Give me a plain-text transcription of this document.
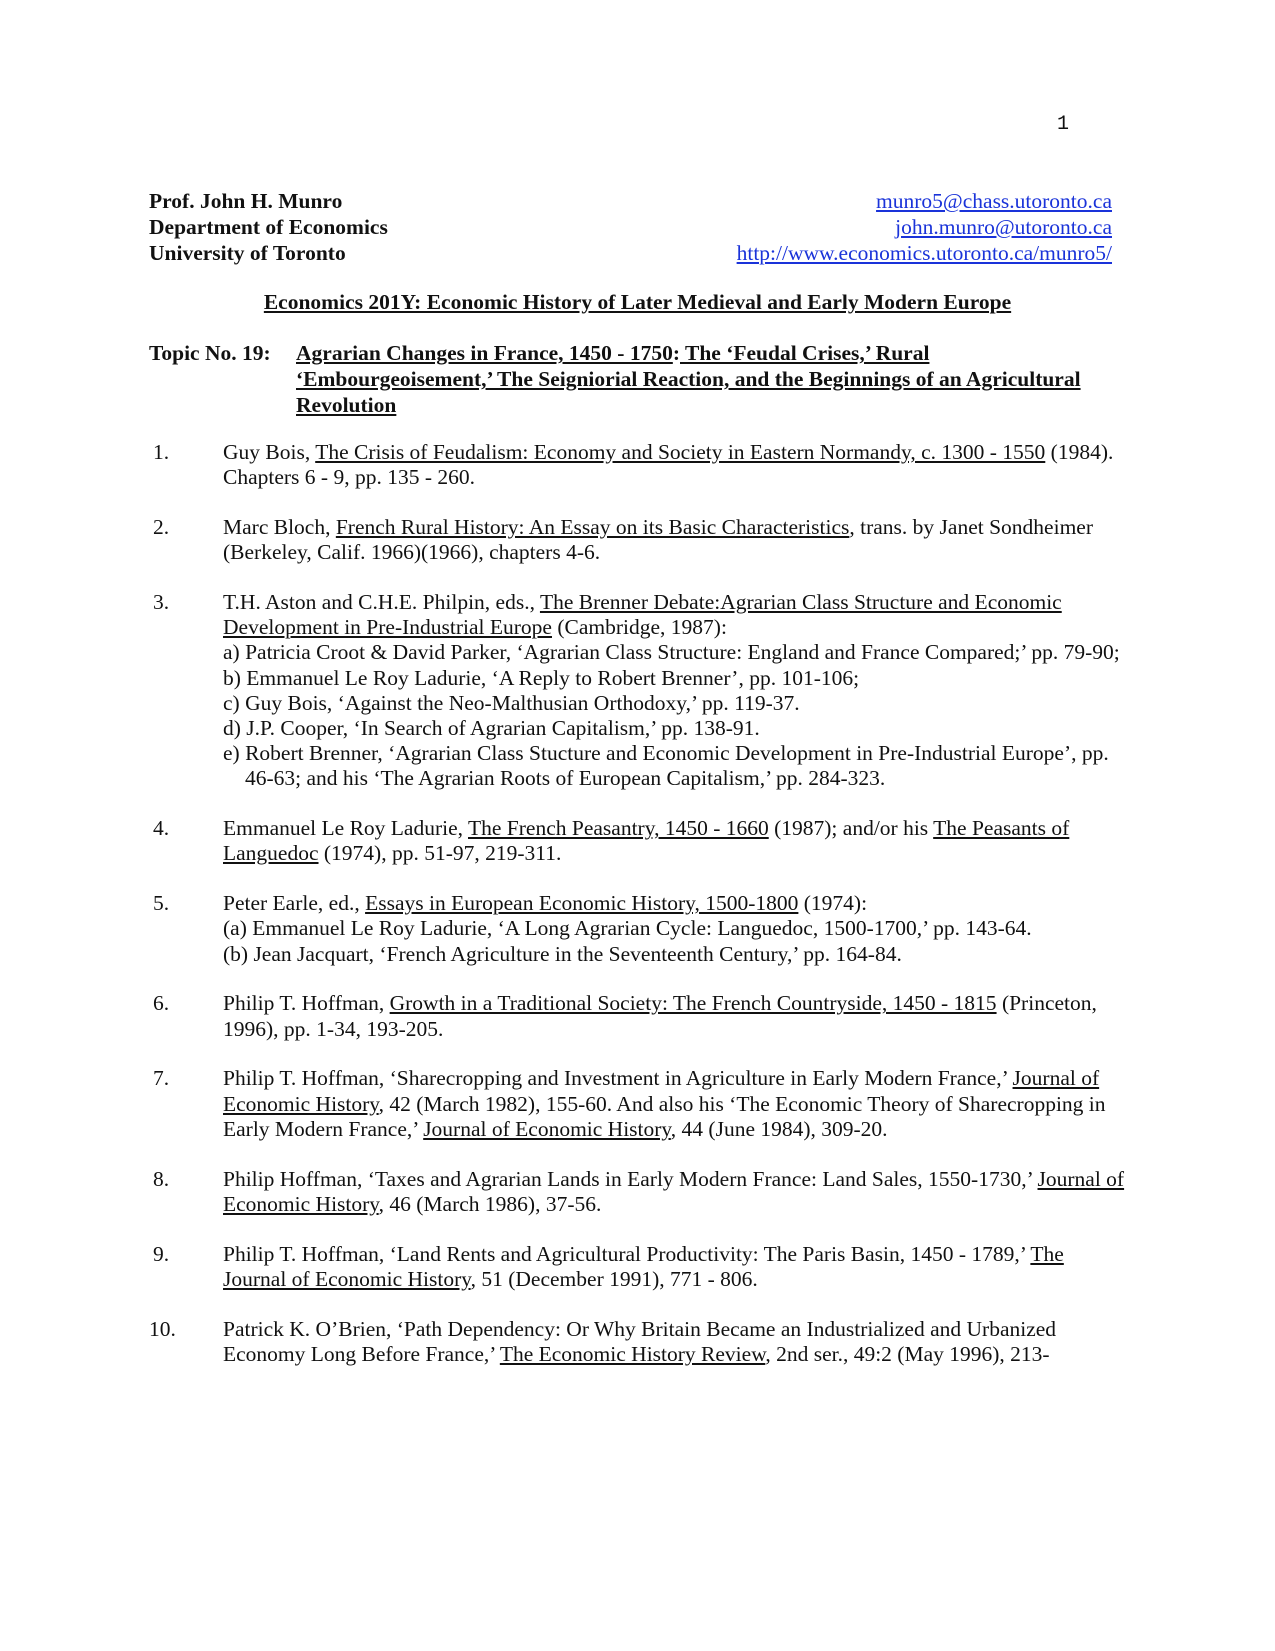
1
Prof. John H. Munro
Department of Economics
University of Toronto
munro5@chass.utoronto.ca
john.munro@utoronto.ca
http://www.economics.utoronto.ca/munro5/
Economics 201Y: Economic History of Later Medieval and Early Modern Europe
Topic No. 19: Agrarian Changes in France, 1450 - 1750: The ‘Feudal Crises,’ Rural ‘Embourgeoisement,’ The Seigniorial Reaction, and the Beginnings of an Agricultural Revolution
1.	Guy Bois, The Crisis of Feudalism: Economy and Society in Eastern Normandy, c. 1300 - 1550 (1984). Chapters 6 - 9, pp. 135 - 260.
2.	Marc Bloch, French Rural History: An Essay on its Basic Characteristics, trans. by Janet Sondheimer (Berkeley, Calif. 1966)(1966), chapters 4-6.
3.	T.H. Aston and C.H.E. Philpin, eds., The Brenner Debate:Agrarian Class Structure and Economic Development in Pre-Industrial Europe (Cambridge, 1987):
a) Patricia Croot & David Parker, ‘Agrarian Class Structure: England and France Compared;’ pp. 79-90;
b) Emmanuel Le Roy Ladurie, ‘A Reply to Robert Brenner’, pp. 101-106;
c) Guy Bois, ‘Against the Neo-Malthusian Orthodoxy,’ pp. 119-37.
d) J.P. Cooper, ‘In Search of Agrarian Capitalism,’ pp. 138-91.
e) Robert Brenner, ‘Agrarian Class Stucture and Economic Development in Pre-Industrial Europe’, pp. 46-63; and his ‘The Agrarian Roots of European Capitalism,’ pp. 284-323.
4.	Emmanuel Le Roy Ladurie, The French Peasantry, 1450 - 1660 (1987); and/or his The Peasants of Languedoc (1974), pp. 51-97, 219-311.
5.	Peter Earle, ed., Essays in European Economic History, 1500-1800 (1974):
(a) Emmanuel Le Roy Ladurie, ‘A Long Agrarian Cycle: Languedoc, 1500-1700,’ pp. 143-64.
(b) Jean Jacquart, ‘French Agriculture in the Seventeenth Century,’ pp. 164-84.
6.	Philip T. Hoffman, Growth in a Traditional Society: The French Countryside, 1450 - 1815 (Princeton, 1996), pp. 1-34, 193-205.
7.	Philip T. Hoffman, ‘Sharecropping and Investment in Agriculture in Early Modern France,’ Journal of Economic History, 42 (March 1982), 155-60. And also his ‘The Economic Theory of Sharecropping in Early Modern France,’ Journal of Economic History, 44 (June 1984), 309-20.
8.	Philip Hoffman, ‘Taxes and Agrarian Lands in Early Modern France: Land Sales, 1550-1730,’ Journal of Economic History, 46 (March 1986), 37-56.
9.	Philip T. Hoffman, ‘Land Rents and Agricultural Productivity: The Paris Basin, 1450 - 1789,’ The Journal of Economic History, 51 (December 1991), 771 - 806.
10. Patrick K. O’Brien, ‘Path Dependency: Or Why Britain Became an Industrialized and Urbanized Economy Long Before France,’ The Economic History Review, 2nd ser., 49:2 (May 1996), 213-
